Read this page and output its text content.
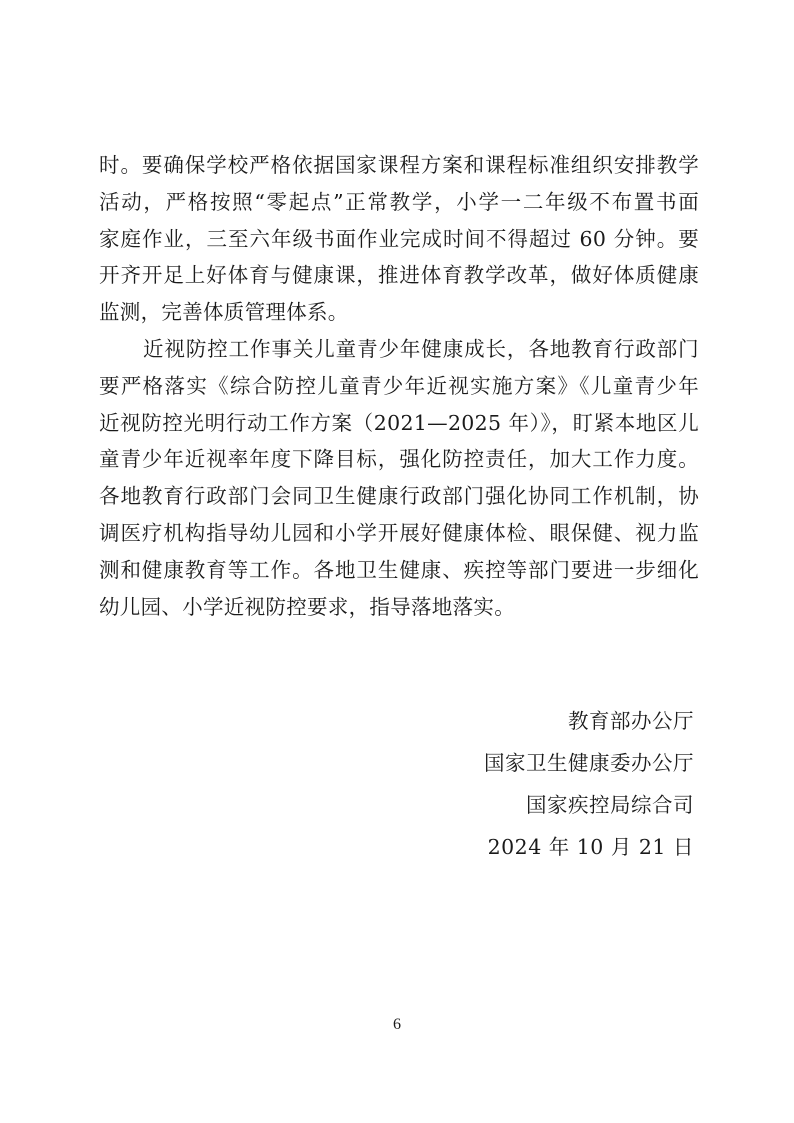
时。要确保学校严格依据国家课程方案和课程标准组织安排教学
活动，严格按照“零起点”正常教学，小学一二年级不布置书面
家庭作业，三至六年级书面作业完成时间不得超过 60 分钟。要
开齐开足上好体育与健康课，推进体育教学改革，做好体质健康
监测，完善体质管理体系。
近视防控工作事关儿童青少年健康成长，各地教育行政部门
要严格落实《综合防控儿童青少年近视实施方案》《儿童青少年
近视防控光明行动工作方案（2021—2025 年）》，盯紧本地区儿
童青少年近视率年度下降目标，强化防控责任，加大工作力度。
各地教育行政部门会同卫生健康行政部门强化协同工作机制，协
调医疗机构指导幼儿园和小学开展好健康体检、眼保健、视力监
测和健康教育等工作。各地卫生健康、疾控等部门要进一步细化
幼儿园、小学近视防控要求，指导落地落实。
教育部办公厅
国家卫生健康委办公厅
国家疾控局综合司
2024 年 10 月 21 日
6
